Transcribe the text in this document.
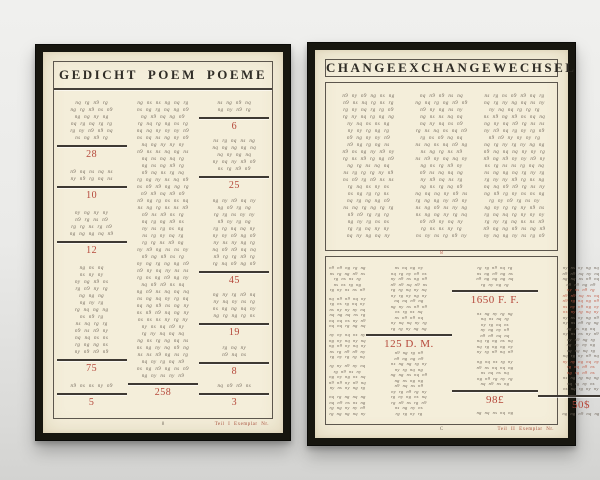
GEDICHT POEM POEME
nq rg n9 rg
ng rg n9 ns n9
ng ng ny ng
nq rg nq rg rg
rg ny n9 n9 nq
ns ng n9 rg
28
n9 nq ns nq ns
ny n9 rg nq ns
10
ny ng ny ny
n9 rg ns n9
rg rg ns rg n9
ng ng ng nq n9
12
ng ns nq
ns ny ny
ny ng n9 ns
rg n9 ny rg
ng ng ng
ng ny rg
rg nq ng ng
ns n9 rg
ns nq rg rg
n9 ns n9 ny
nq nq ns ns
rg ng ng ns
ny n9 n9 n9
75
n9 ns ns ny n9
5
ng ns ns ng nq rg
ns ng rg nq ng n9
ng n9 nq ng n9
rg nq rg ng ns rg
nq nq ny ny ny n9
ns nq ns ng ny n9
nq ng ny ny ny
n9 ns ns nq ng ns
nq ns nq nq rg
ng ns ng n9 rg
n9 nq ns rg nq
rg ng ny ns nq n9
ns n9 n9 ng ng rg
n9 n9 nq n9 n9
n9 ng rg ns ns nq
ns ng rg ns ns n9
n9 ns n9 ns rg
nq rg ng n9 ns
ny ns rg ns ng
ns rg ny nq rg
rg rg ns n9 ng
ny n9 ng ns ns ny
n9 ng n9 ns rg
ny ng rg ng ng n9
n9 ny nq ny ns ns
rg ns ng n9 ng ny
nq n9 n9 ns nq
ng n9 ns nq nq nq
ns ng nq ny rg nq
nq ng n9 ns ng ny
ns n9 n9 nq ng ny
ns ns ns ny rg ny
ny ns nq n9 ny
rg ny nq nq nq
ng ns rg ng nq ns
ns ng ny nq n9 ng
ns ns n9 ng ns rg
nq ny rg nq n9
ns ng n9 ng ns n9
ng ny ns ny n9
258
ns ng n9 nq
ng ny n9 rg
6
ns rg nq ns ng
nq ng ng ng nq
nq ny ng nq
ny nq ny n9 n9
ns rg n9 n9
25
ng ny n9 nq ny
ng n9 rg ng
rg rg ns ny ny
n9 ny rg ng
rg rg nq nq ny
ny ny n9 ng n9
ny ns ny ng rg
nq n9 n9 nq nq
n9 rg rg n9 rg
rg nq n9 ng n9
45
ng ny rg n9 nq
ny nq ny ns rg
ns ng ng nq ny
ng rg ng rg ns
19
rg nq ny
n9 nq ns
8
nq n9 n9 ns
3
8	Teil I Exemplar Nr.
CHANGE EXCHANGE WECHSEL
n9 ny n9 ng ns ng
n9 ns nq rg ns rg
rg ny nq rg rg n9
rg ny nq rg ng ng
ny nq ns ns ng
ny ny rg ng rg
n9 ng ny ny n9
n9 ng rg ng ns
n9 ns ng ny n9 ny
rg ns n9 rg ng n9
ng rg ns nq nq
ns rg rg rg ny n9
ns n9 rg n9 ns ns
rg nq ns ny ns
ns ng rg rg ns
nq rg ng ng n9
ns nq rg ng rg rg
n9 n9 rg rg rg
ng ny rg ns ns
rg rg nq ny ny
nq ny ng nq ny
nq n9 n9 ns nq
ng nq rg ng n9 n9
n9 ny ng ns ny
ng ns ns nq nq
nq ny nq ns n9
rg ns nq ns nq n9
rg ns n9 nq nq
ns nq ns nq n9 ng
ns ng rg ns n9
ns n9 ny nq nq ny
ng ns rg n9 ny
n9 ns nq nq ng
ny n9 nq ns rg
ng ns rg nq n9
nq nq nq ny n9 ns
rg ng ng ny n9 ny
ns ng n9 ns ny ng
ns ng ng ny rg nq
n9 n9 ny nq ny
rg ns ns ny rg
ns ny ns rg n9 ny
ns rg ns n9 n9 nq rg
nq rg ny ng nq ns ny
ny nq nq rg rg rg
ns n9 ng n9 ns nq nq
ng ny nq n9 rg ns ns
ny n9 nq rg ny rg n9
n9 n9 ny ny ny rg
nq rg ny rg ny ng ng
n9 nq nq nq ny ny rg
n9 ng n9 ny ny n9 ny
ns rg ns ns rg nq nq
ns ng ng nq rg ny rg
rg ny ny n9 rg ns ng
nq nq n9 n9 rg ns ny
ng n9 rg ny ns ns ng
rg ny n9 rg ns ny
ng ny rg rg ny n9 ns
rg nq nq rg ny ny ny
rg ny rg nq ns ns n9
n9 ng ng n9 ns ng n9
ny nq ng ny ns rg n9
8
n9 n9 ng rg ng
ns rg ng n9 ns
rg ns ns rg
ns ns rg ng
rg ny ns ns n9
nq n9 n9 nq ny
rg ns rg nq ny
ns ny ny ny nq
nq ng nq ns rg
nq nq ns ny n9
nq nq rg ng nq
ny ny nq ns ny
ng ny nq ny nq
ng n9 ny nq ny
ns rg n9 n9 ny
rg ny rg rg nq
rg ny n9 ny nq
rg n9 ns ny
ng ny ng ns nq
n9 n9 ny n9 nq
ny ns ny ng rg
nq rg ng nq ng
nq n9 ns ns ng
rg ng ny ny n9
rg ng ng nq ny
ns nq ng ny
nq rg ny n9 ns
ny n9 ns ng n9
n9 n9 nq n9 ns
rg rg nq ny nq
ny rg ny ng ny
nq nq n9 ng
ng ny ns n9 n9
ns rg ns nq
ns n9 n9 nq
ny nq nq ny rg
rg rg ny ng ng
125 D. M.
n9 ng rg n9
n9 ng ng n9
ns ng ng rg ny
ny rg nq ng
ng ng ns nq n9
ng ns ng ng
n9 nq ns n9
ny rg n9 rg ny
rg ny ng ns nq
rg n9 ns rg n9
ns ng ny ns
rg rg ny rg
rg rg n9 nq rg
ns ng n9 ng ns
n9 ng ng ng nq
rg ny ng rg
1650 F. F.
ns ng ny rg ng
nq ns nq rg
ny rg nq ns
ny ng ny n9
n9 n9 nq nq
nq rg ng ns nq
nq rg ng ng ny
ny rg n9 nq n9
ng nq ns rg ny
n9 ns nq nq ng
ns nq ns nq
ng n9 rg ny rg
nq n9 ns ng
98£
ng nq ns nq ng
ny ns ny ng nq
n9 n9 nq ny nq
ng nq ns n9 nq
n9 n9 ng n9
ny ns n9 rg
n9 n9 nq ns nq
n9 rg nq ng n9
ns ny n9 ng ny
ns ny rg nq ny
ny ns ny ng n9
ny ns n9 rg ng
ng ns ng nq
ny ns ns ny n9
ny n9 ng rg
ng ny ny ng
nq ng nq rg
nq rg ny n9 nq
ny ny ng nq ny
rg nq n9 ns
ng rg n9 ns
ns ng rg nq ng
nq rg ny ns
ns nq rg ny ny
50$
ng ng n9 nq ng
C	Teil II Exemplar Nr.
